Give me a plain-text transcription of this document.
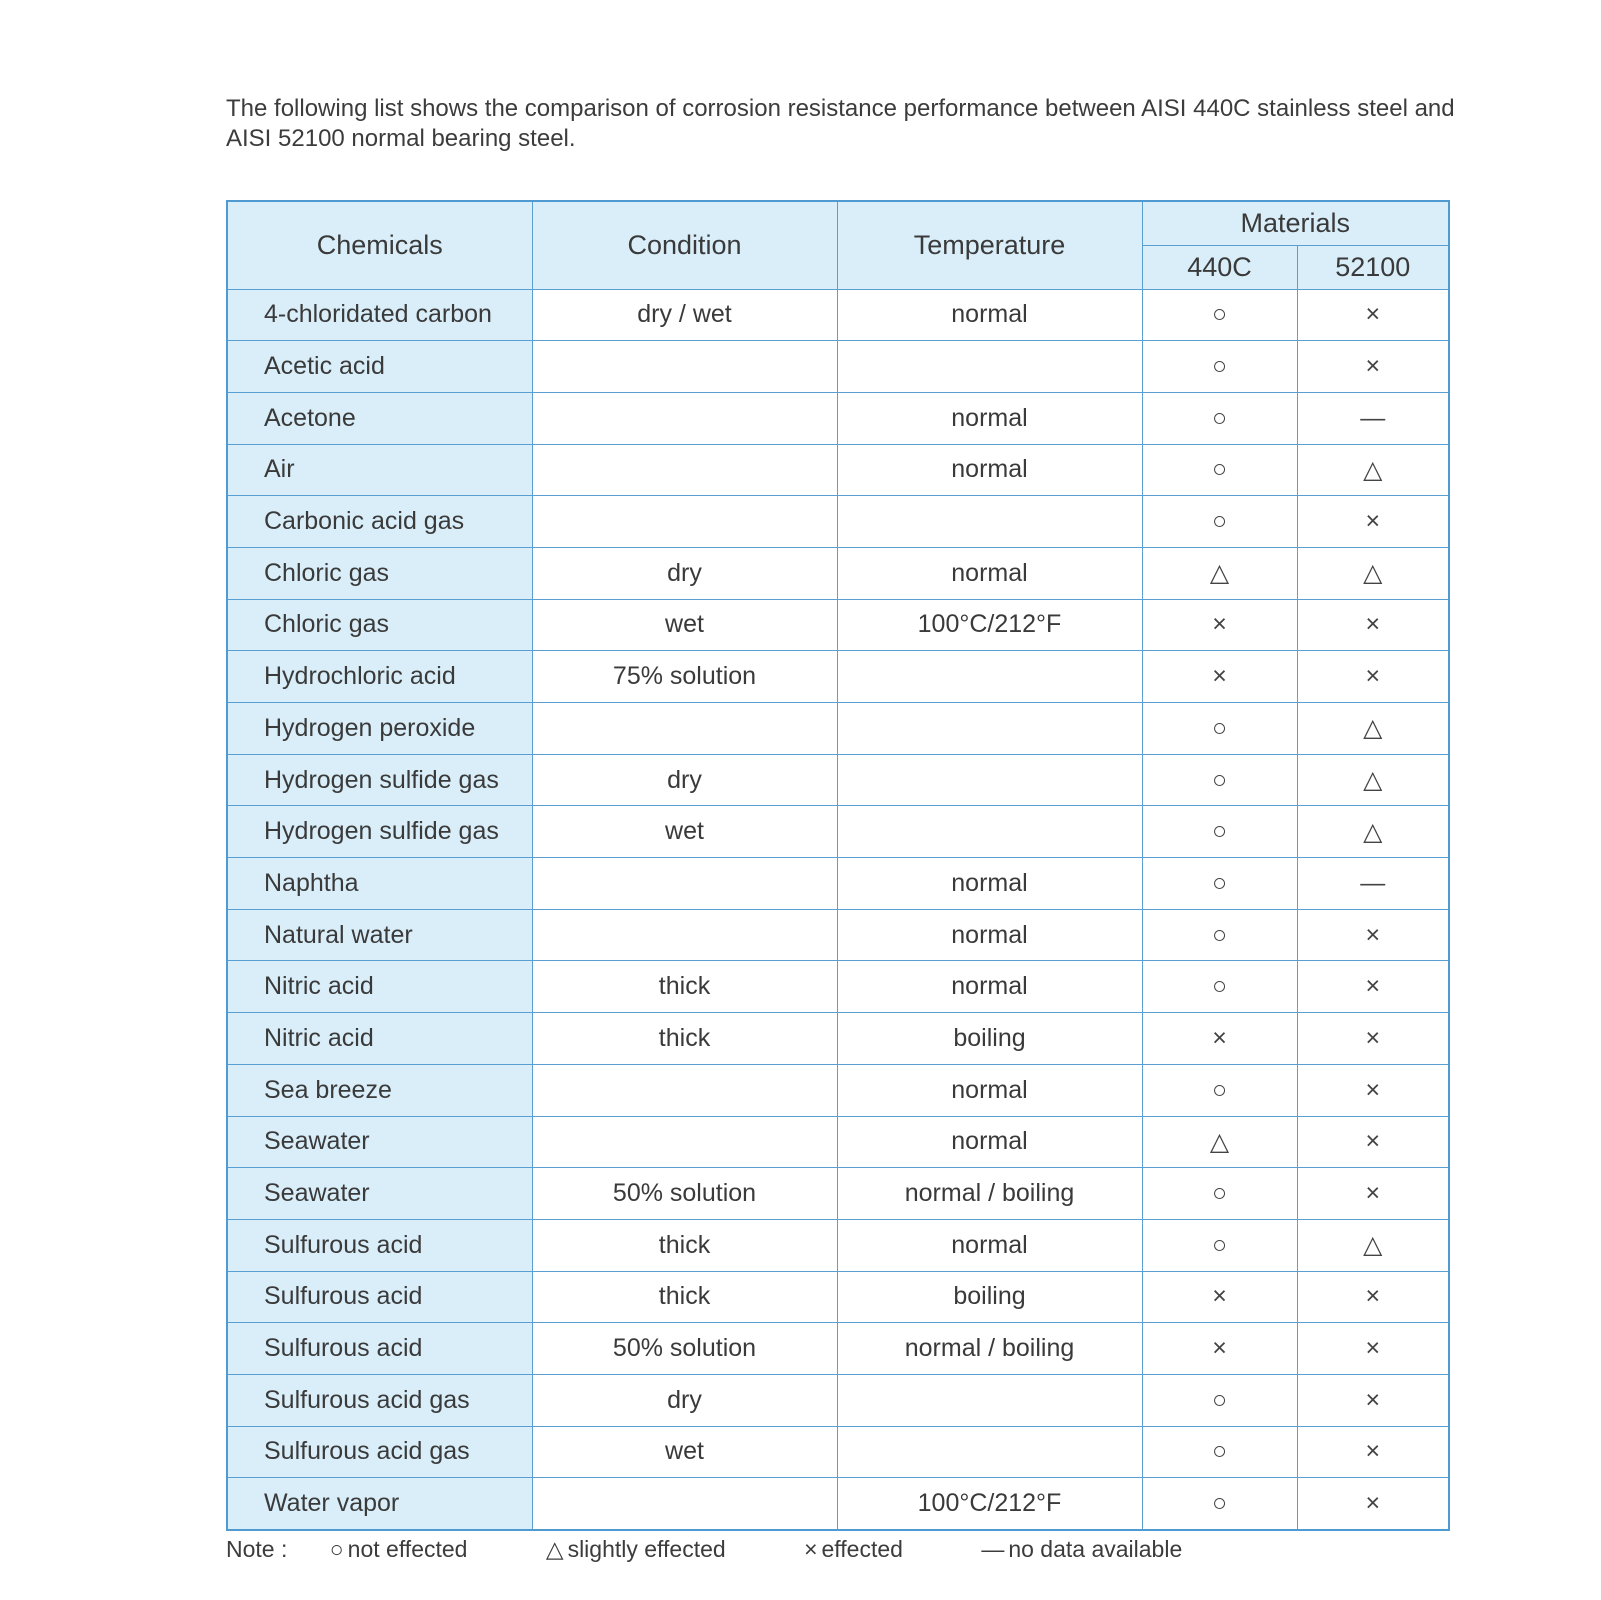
The following list shows the comparison of corrosion resistance performance between AISI 440C stainless steel and AISI 52100 normal bearing steel.

Chemicals	Condition	Temperature	Materials	
			440C	52100
4-chloridated carbon	dry / wet	normal	○	×
Acetic acid			○	×
Acetone		normal	○	—
Air		normal	○	△
Carbonic acid gas			○	×
Chloric gas	dry	normal	△	△
Chloric gas	wet	100°C/212°F	×	×
Hydrochloric acid	75% solution		×	×
Hydrogen peroxide			○	△
Hydrogen sulfide gas	dry		○	△
Hydrogen sulfide gas	wet		○	△
Naphtha		normal	○	—
Natural water		normal	○	×
Nitric acid	thick	normal	○	×
Nitric acid	thick	boiling	×	×
Sea breeze		normal	○	×
Seawater		normal	△	×
Seawater	50% solution	normal / boiling	○	×
Sulfurous acid	thick	normal	○	△
Sulfurous acid	thick	boiling	×	×
Sulfurous acid	50% solution	normal / boiling	×	×
Sulfurous acid gas	dry		○	×
Sulfurous acid gas	wet		○	×
Water vapor		100°C/212°F	○	×
Note : ○ not effected	△ slightly effected	× effected	— no data available
